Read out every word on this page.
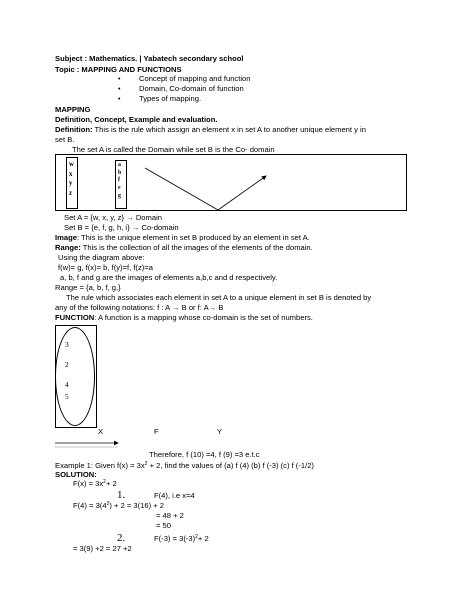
Subject : Mathematics. | Yabatech secondary school
Topic : MAPPING AND FUNCTIONS
• Concept of mapping and function
• Domain, Co-domain of function
• Types of mapping.
MAPPING
Definition, Concept, Example and evaluation.
Definition: This is the rule which assign an element x in set A to another unique element y in
set B.
The set A is called the Domain while set B is the Co- domain
w
x
y
z
a
b
f
e
g
Set A = {w, x, y, z} → Domain
Set B = {e, f, g, h, i} → Co-domain
Image: This is the unique element in set B produced by an element in set A.
Range: This is the collection of all the images of the elements of the domain.
Using the diagram above:
f(w)= g, f(x)= b, f(y)=f, f(z)=a
a, b, f and g are the images of elements a,b,c and d respectively.
Range = {a, b, f, g,}
The rule which associates each element in set A to a unique element in set B is denoted by
any of the following notations: f : A → B or f: A→ B
FUNCTION: A function is a mapping whose co-domain is the set of numbers.
3
2
4
5
X	F	Y
Therefore, f (10) =4, f (9) =3 e.t.c
Example 1: Given $f(x) = 3x^2 + 2$, find the values of (a) f (4) (b) f (-3) (c) f (-1/2)
SOLUTION:
$F(x) = 3x^2+ 2$
1.	F(4), i.e x=4
$F(4) = 3(4^2) + 2 = 3(16) + 2$
= 48 + 2
= 50
2.	$F(-3) = 3(-3)^2+ 2$
= 3(9) +2 = 27 +2
